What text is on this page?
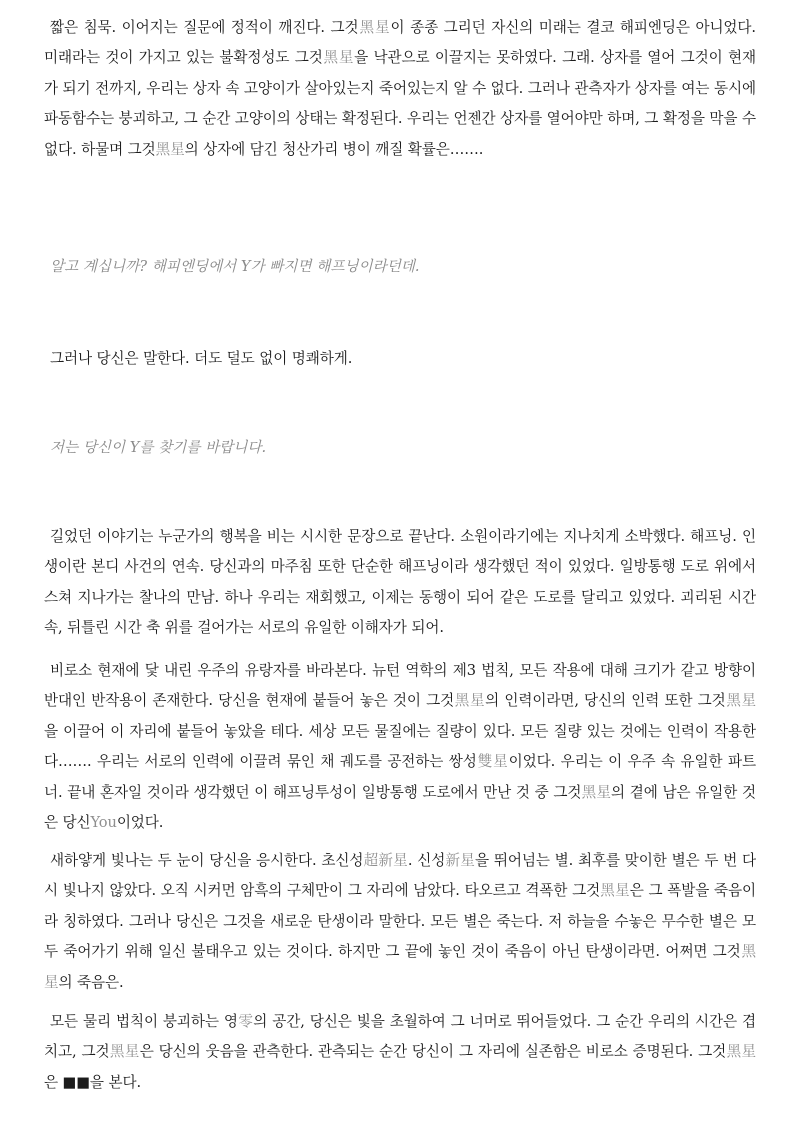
짧은 침묵. 이어지는 질문에 정적이 깨진다. 그것黑星이 종종 그리던 자신의 미래는 결코 해피엔딩은 아니었다. 미래라는 것이 가지고 있는 불확정성도 그것黑星을 낙관으로 이끌지는 못하였다. 그래. 상자를 열어 그것이 현재가 되기 전까지, 우리는 상자 속 고양이가 살아있는지 죽어있는지 알 수 없다. 그러나 관측자가 상자를 여는 동시에 파동함수는 붕괴하고, 그 순간 고양이의 상태는 확정된다. 우리는 언젠간 상자를 열어야만 하며, 그 확정을 막을 수 없다. 하물며 그것黑星의 상자에 담긴 청산가리 병이 깨질 확률은…….

알고 계십니까? 해피엔딩에서 Y가 빠지면 해프닝이라던데.

그러나 당신은 말한다. 더도 덜도 없이 명쾌하게.

저는 당신이 Y를 찾기를 바랍니다.

길었던 이야기는 누군가의 행복을 비는 시시한 문장으로 끝난다. 소원이라기에는 지나치게 소박했다. 해프닝. 인생이란 본디 사건의 연속. 당신과의 마주침 또한 단순한 해프닝이라 생각했던 적이 있었다. 일방통행 도로 위에서 스쳐 지나가는 찰나의 만남. 하나 우리는 재회했고, 이제는 동행이 되어 같은 도로를 달리고 있었다. 괴리된 시간 속, 뒤틀린 시간 축 위를 걸어가는 서로의 유일한 이해자가 되어.

비로소 현재에 닻 내린 우주의 유랑자를 바라본다. 뉴턴 역학의 제3 법칙, 모든 작용에 대해 크기가 같고 방향이 반대인 반작용이 존재한다. 당신을 현재에 붙들어 놓은 것이 그것黑星의 인력이라면, 당신의 인력 또한 그것黑星을 이끌어 이 자리에 붙들어 놓았을 테다. 세상 모든 물질에는 질량이 있다. 모든 질량 있는 것에는 인력이 작용한다……. 우리는 서로의 인력에 이끌려 묶인 채 궤도를 공전하는 쌍성雙星이었다. 우리는 이 우주 속 유일한 파트너. 끝내 혼자일 것이라 생각했던 이 해프닝투성이 일방통행 도로에서 만난 것 중 그것黑星의 곁에 남은 유일한 것은 당신You이었다.

새하얗게 빛나는 두 눈이 당신을 응시한다. 초신성超新星. 신성新星을 뛰어넘는 별. 최후를 맞이한 별은 두 번 다시 빛나지 않았다. 오직 시커먼 암흑의 구체만이 그 자리에 남았다. 타오르고 격폭한 그것黑星은 그 폭발을 죽음이라 칭하였다. 그러나 당신은 그것을 새로운 탄생이라 말한다. 모든 별은 죽는다. 저 하늘을 수놓은 무수한 별은 모두 죽어가기 위해 일신 불태우고 있는 것이다. 하지만 그 끝에 놓인 것이 죽음이 아닌 탄생이라면. 어쩌면 그것黑星의 죽음은.

모든 물리 법칙이 붕괴하는 영零의 공간, 당신은 빛을 초월하여 그 너머로 뛰어들었다. 그 순간 우리의 시간은 겹치고, 그것黑星은 당신의 웃음을 관측한다. 관측되는 순간 당신이 그 자리에 실존함은 비로소 증명된다. 그것黑星은 ■■을 본다.
